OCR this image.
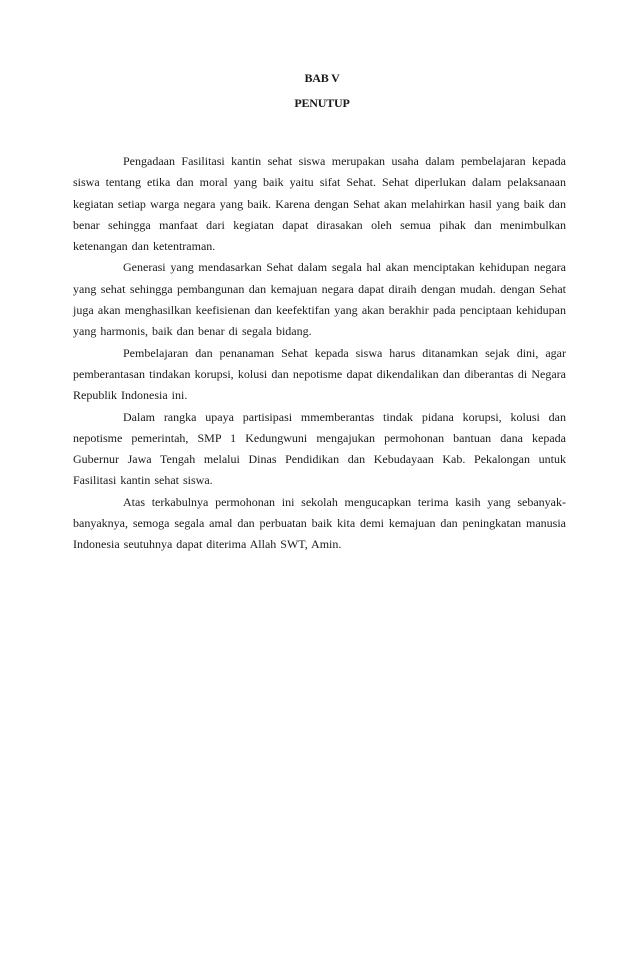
BAB V
PENUTUP

Pengadaan Fasilitasi kantin sehat siswa merupakan usaha dalam pembelajaran kepada siswa tentang etika dan moral yang baik yaitu sifat Sehat. Sehat diperlukan dalam pelaksanaan kegiatan setiap warga negara yang baik. Karena dengan Sehat akan melahirkan hasil yang baik dan benar sehingga manfaat dari kegiatan dapat dirasakan oleh semua pihak dan menimbulkan ketenangan dan ketentraman.

Generasi yang mendasarkan Sehat dalam segala hal akan menciptakan kehidupan negara yang sehat sehingga pembangunan dan kemajuan negara dapat diraih dengan mudah. dengan Sehat juga akan menghasilkan keefisienan dan keefektifan yang akan berakhir pada penciptaan kehidupan yang harmonis, baik dan benar di segala bidang.

Pembelajaran dan penanaman Sehat kepada siswa harus ditanamkan sejak dini, agar pemberantasan tindakan korupsi, kolusi dan nepotisme dapat dikendalikan dan diberantas di Negara Republik Indonesia ini.

Dalam rangka upaya partisipasi mmemberantas tindak pidana korupsi, kolusi dan nepotisme pemerintah, SMP 1 Kedungwuni mengajukan permohonan bantuan dana kepada Gubernur Jawa Tengah melalui Dinas Pendidikan dan Kebudayaan Kab. Pekalongan untuk Fasilitasi kantin sehat siswa.

Atas terkabulnya permohonan ini sekolah mengucapkan terima kasih yang sebanyak-banyaknya, semoga segala amal dan perbuatan baik kita demi kemajuan dan peningkatan manusia Indonesia seutuhnya dapat diterima Allah SWT, Amin.
